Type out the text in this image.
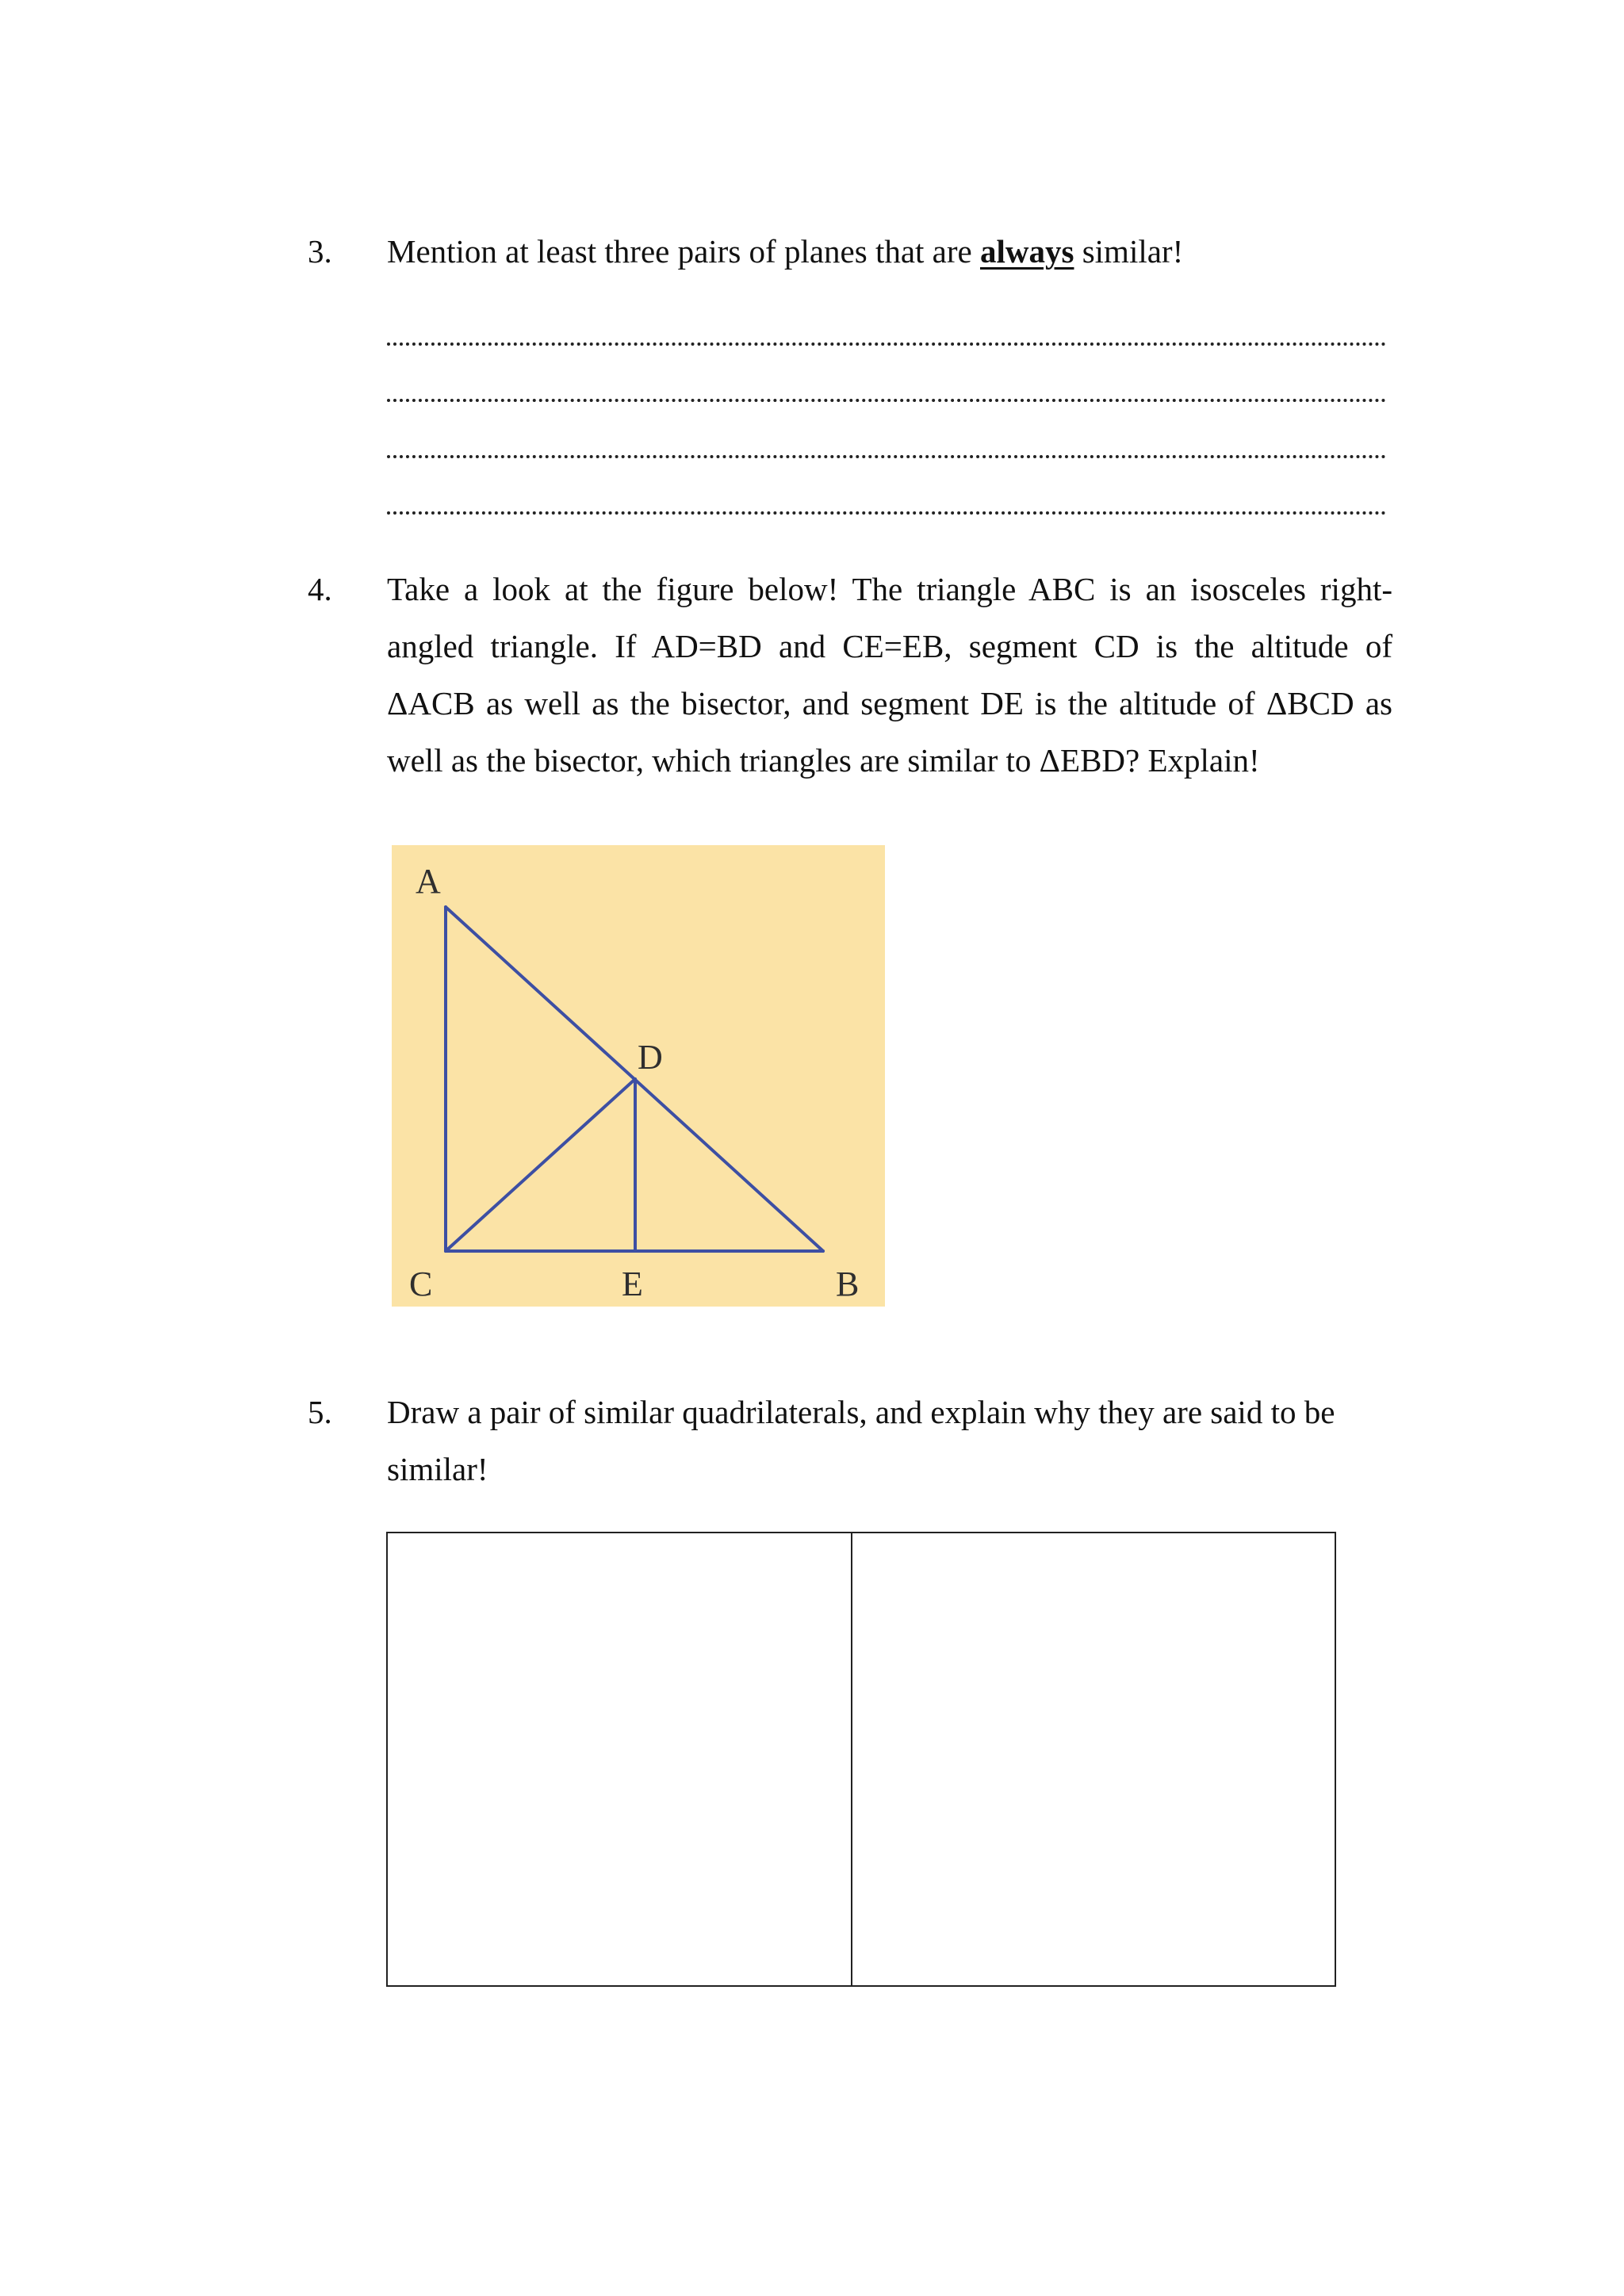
3. Mention at least three pairs of planes that are always similar!
4. Take a look at the figure below! The triangle ABC is an isosceles right-angled triangle. If AD=BD and CE=EB, segment CD is the altitude of ΔACB as well as the bisector, and segment DE is the altitude of ΔBCD as well as the bisector, which triangles are similar to ΔEBD? Explain!
A
D
C	E	B
5. Draw a pair of similar quadrilaterals, and explain why they are said to be similar!
